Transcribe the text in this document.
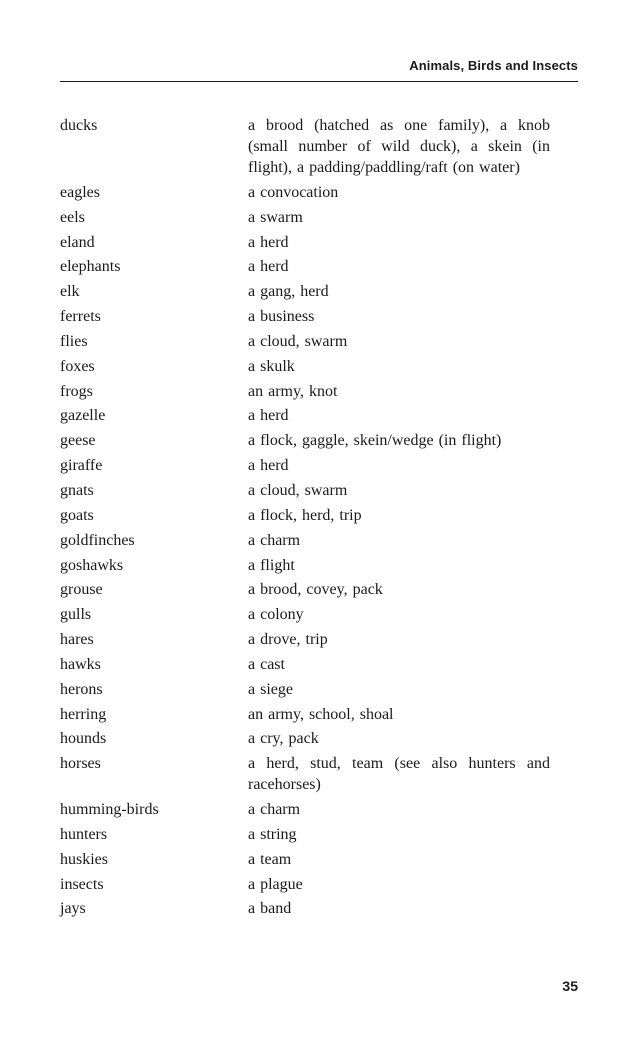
Animals, Birds and Insects
ducks	a brood (hatched as one family), a knob (small number of wild duck), a skein (in flight), a padding/paddling/raft (on water)
eagles	a convocation
eels	a swarm
eland	a herd
elephants	a herd
elk	a gang, herd
ferrets	a business
flies	a cloud, swarm
foxes	a skulk
frogs	an army, knot
gazelle	a herd
geese	a flock, gaggle, skein/wedge (in flight)
giraffe	a herd
gnats	a cloud, swarm
goats	a flock, herd, trip
goldfinches	a charm
goshawks	a flight
grouse	a brood, covey, pack
gulls	a colony
hares	a drove, trip
hawks	a cast
herons	a siege
herring	an army, school, shoal
hounds	a cry, pack
horses	a herd, stud, team (see also hunters and racehorses)
humming-birds	a charm
hunters	a string
huskies	a team
insects	a plague
jays	a band
35
